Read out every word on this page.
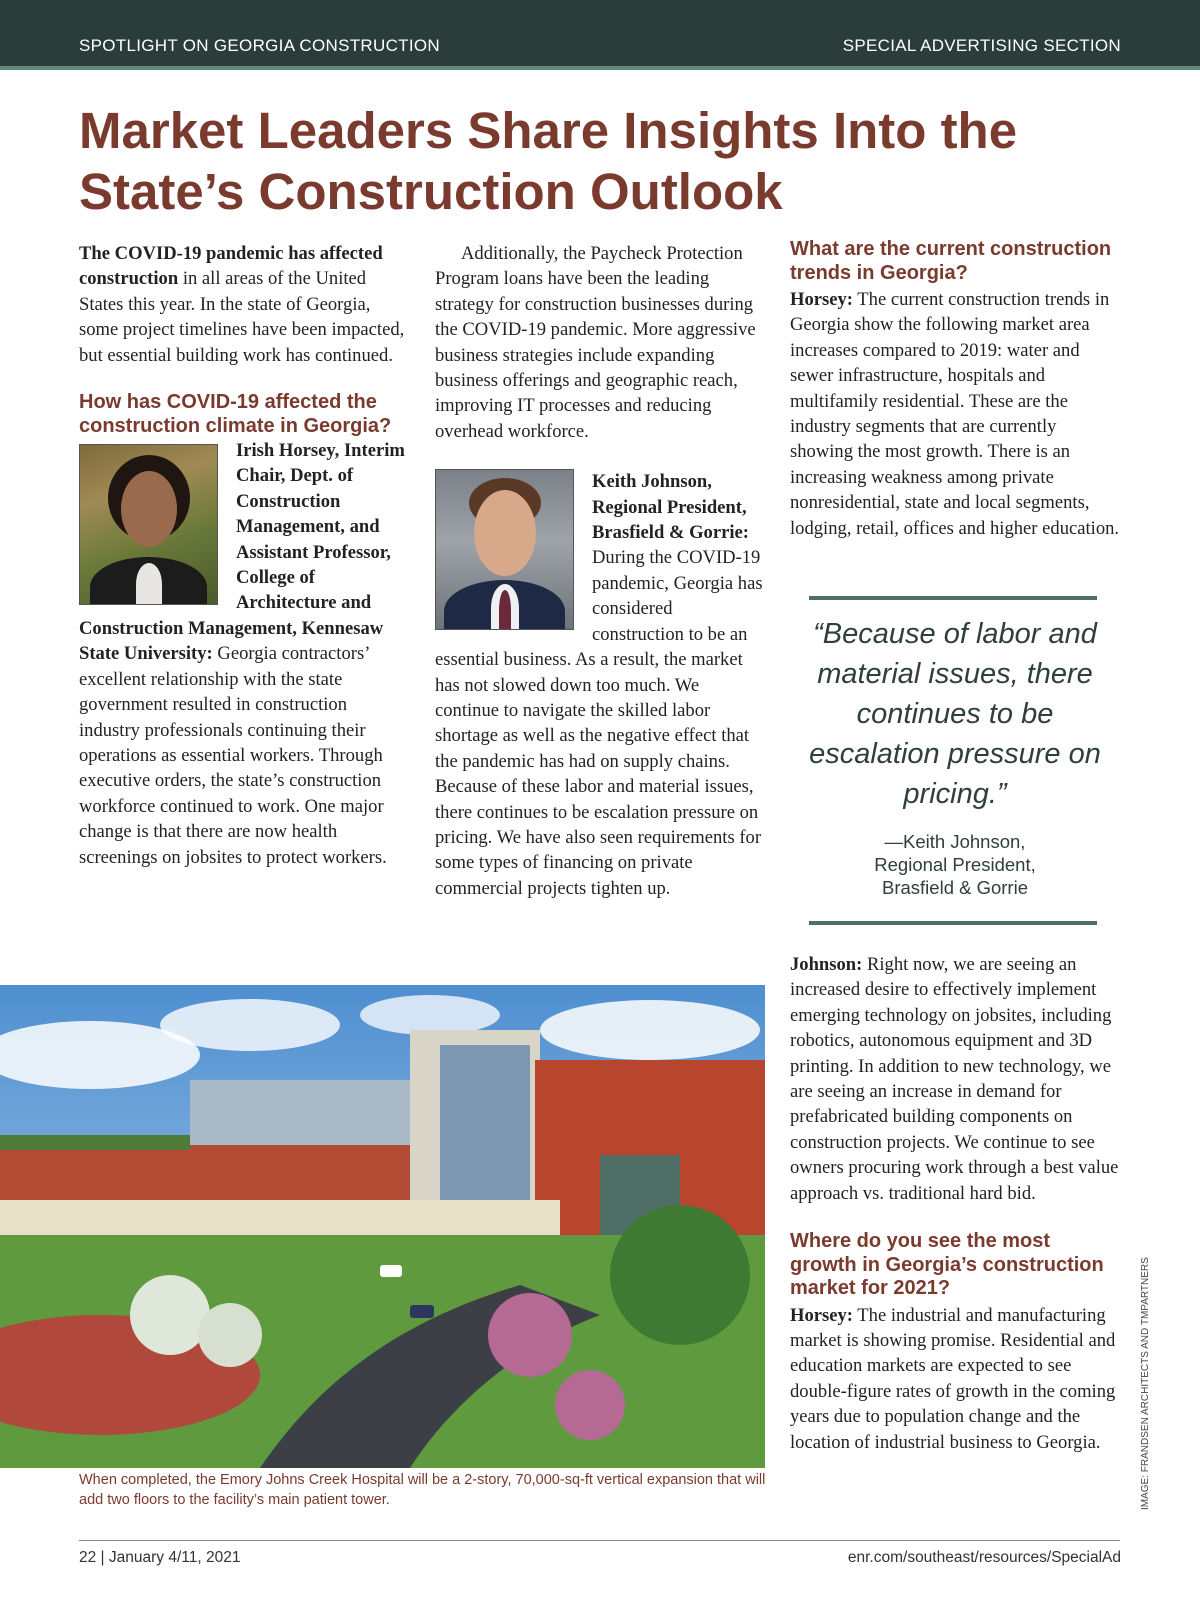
SPOTLIGHT ON GEORGIA CONSTRUCTION	SPECIAL ADVERTISING SECTION
Market Leaders Share Insights Into the State’s Construction Outlook

The COVID-19 pandemic has affected construction in all areas of the United States this year. In the state of Georgia, some project timelines have been impacted, but essential building work has continued.

How has COVID-19 affected the construction climate in Georgia?

Irish Horsey, Interim Chair, Dept. of Construction Management, and Assistant Professor, College of Architecture and Construction Management, Kennesaw State University: Georgia contractors’ excellent relationship with the state government resulted in construction industry professionals continuing their operations as essential workers. Through executive orders, the state’s construction workforce continued to work. One major change is that there are now health screenings on jobsites to protect workers.

Additionally, the Paycheck Protection Program loans have been the leading strategy for construction businesses during the COVID-19 pandemic. More aggressive business strategies include expanding business offerings and geographic reach, improving IT processes and reducing overhead workforce.

Keith Johnson, Regional President, Brasfield & Gorrie: During the COVID-19 pandemic, Georgia has considered construction to be an essential business. As a result, the market has not slowed down too much. We continue to navigate the skilled labor shortage as well as the negative effect that the pandemic has had on supply chains. Because of these labor and material issues, there continues to be escalation pressure on pricing. We have also seen requirements for some types of financing on private commercial projects tighten up.

What are the current construction trends in Georgia?

Horsey: The current construction trends in Georgia show the following market area increases compared to 2019: water and sewer infrastructure, hospitals and multifamily residential. These are the industry segments that are currently showing the most growth. There is an increasing weakness among private nonresidential, state and local segments, lodging, retail, offices and higher education.

“Because of labor and material issues, there continues to be escalation pressure on pricing.”
—Keith Johnson,
Regional President,
Brasfield & Gorrie

Johnson: Right now, we are seeing an increased desire to effectively implement emerging technology on jobsites, including robotics, autonomous equipment and 3D printing. In addition to new technology, we are seeing an increase in demand for prefabricated building components on construction projects. We continue to see owners procuring work through a best value approach vs. traditional hard bid.

Where do you see the most growth in Georgia’s construction market for 2021?

Horsey: The industrial and manufacturing market is showing promise. Residential and education markets are expected to see double-figure rates of growth in the coming years due to population change and the location of industrial business to Georgia.

When completed, the Emory Johns Creek Hospital will be a 2-story, 70,000-sq-ft vertical expansion that will add two floors to the facility’s main patient tower.	IMAGE: FRANDSEN ARCHITECTS AND TMPARTNERS
22 | January 4/11, 2021	enr.com/southeast/resources/SpecialAd
